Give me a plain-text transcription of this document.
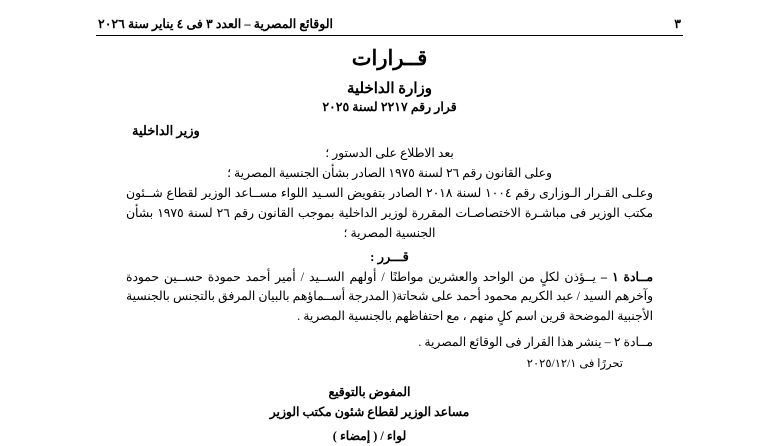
الوقائع المصرية – العدد ٣ فى ٤ يناير سنة ٢٠٢٦	٣
قــرارات
وزارة الداخلية
قرار رقم ٢٢١٧ لسنة ٢٠٢٥
وزير الداخلية

بعد الاطلاع على الدستور ؛

وعلى القانون رقم ٢٦ لسنة ١٩٧٥ الصادر بشأن الجنسية المصرية ؛

وعلـى القـرار الـوزارى رقم ١٠٠٤ لسنة ٢٠١٨ الصادر بتفويض السـيد اللواء مســاعد الوزير لقطاع شــئون مكتب الوزير فى مباشـرة الاختصاصـات المقررة لوزير الداخلية بموجب القانون رقم ٢٦ لسنة ١٩٧٥ بشأن الجنسية المصرية ؛

قـــرر :
مــادة ١ – يــؤذن لكلٍ من الواحد والعشرين مواطنًا / أولهم الســيد / أمير أحمد حمودة حســين حمودة وآخرهم السيد / عبد الكريم محمود أحمد على شحاتة( المدرجة أســماؤهم بالبيان المرفق بالتجنس بالجنسية الأجنبية الموضحة قرين اسم كلٍ منهم ، مع احتفاظهم بالجنسية المصرية .
مــادة ٢ – ينشر هذا القرار فى الوقائع المصرية .
تحررًا فى ٢٠٢٥/١٢/١
المفوض بالتوقيع
مساعد الوزير لقطاع شئون مكتب الوزير
لواء / ( إمضاء )
